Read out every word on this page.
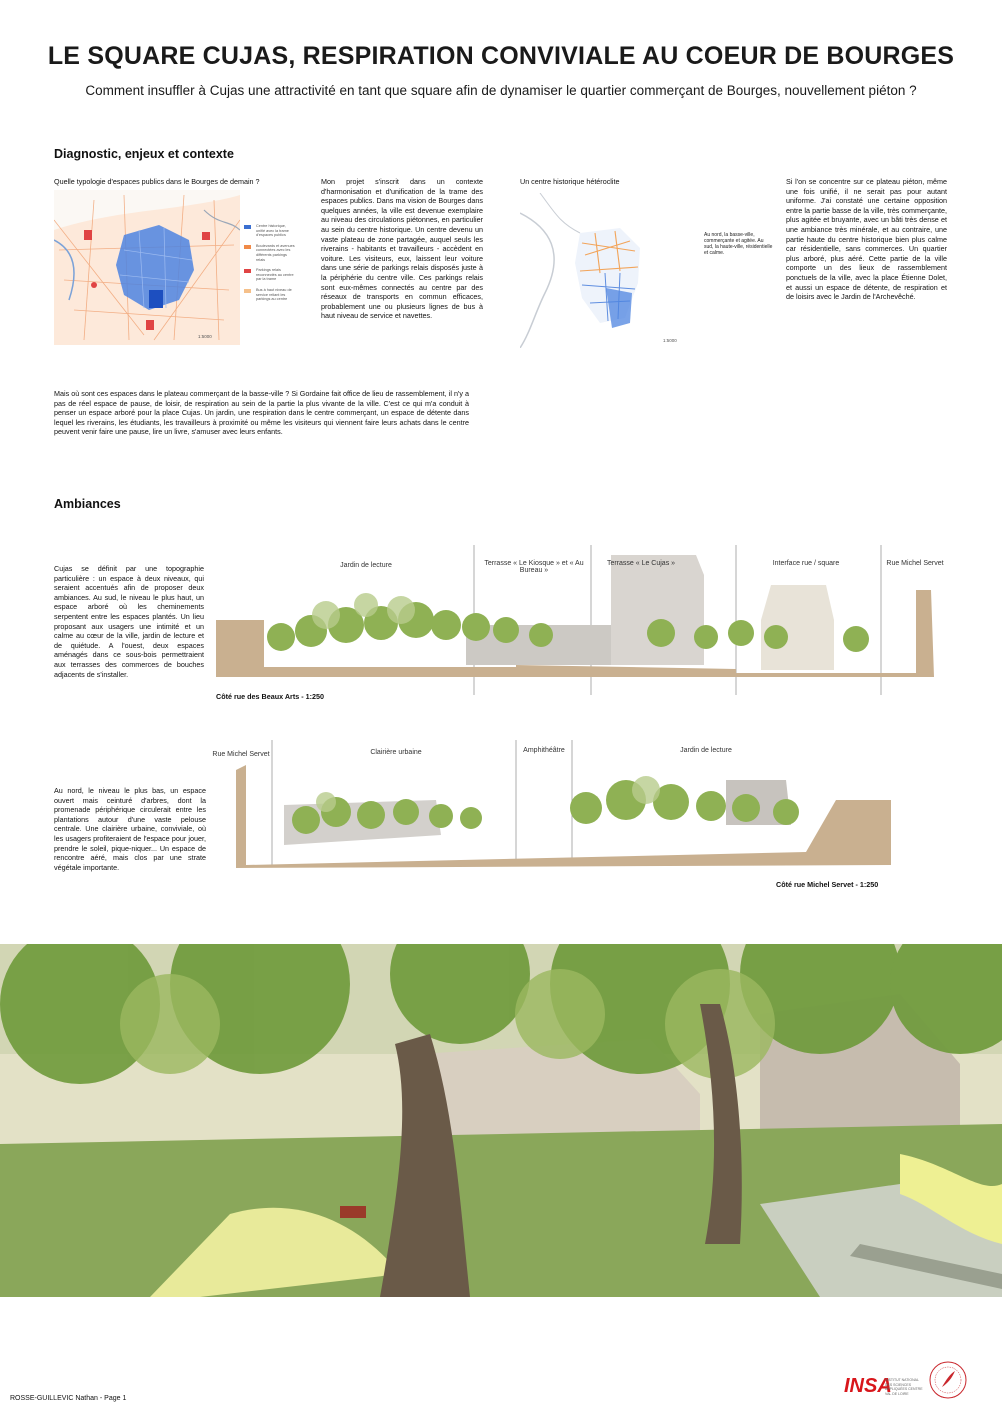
LE SQUARE CUJAS, RESPIRATION CONVIVIALE AU COEUR DE BOURGES
Comment insuffler à Cujas une attractivité en tant que square afin de dynamiser le quartier commerçant de Bourges, nouvellement piéton ?
Diagnostic, enjeux et contexte
Quelle typologie d'espaces publics dans le Bourges de demain ?
Centre historique, unifié avec la trame d'espaces publics
Boulevards et avenues connectées avec les différents parkings relais
Parkings relais reconnectés au centre par la trame
Bus à haut niveau de service reliant les parkings au centre
1:5000
Mon projet s'inscrit dans un contexte d'harmonisation et d'unification de la trame des espaces publics. Dans ma vision de Bourges dans quelques années, la ville est devenue exemplaire au niveau des circulations piétonnes, en particulier au sein du centre historique. Un centre devenu un vaste plateau de zone partagée, auquel seuls les riverains - habitants et travailleurs - accèdent en voiture. Les visiteurs, eux, laissent leur voiture dans une série de parkings relais disposés juste à la périphérie du centre ville. Ces parkings relais sont eux-mêmes connectés au centre par des réseaux de transports en commun efficaces, probablement une ou plusieurs lignes de bus à haut niveau de service et navettes.
Un centre historique hétéroclite
Au nord, la basse-ville, commerçante et agitée. Au sud, la haute-ville, résidentielle et calme.
1:5000
Si l'on se concentre sur ce plateau piéton, même une fois unifié, il ne serait pas pour autant uniforme. J'ai constaté une certaine opposition entre la partie basse de la ville, très commerçante, plus agitée et bruyante, avec un bâti très dense et une ambiance très minérale, et au contraire, une partie haute du centre historique bien plus calme car résidentielle, sans commerces. Un quartier plus arboré, plus aéré. Cette partie de la ville comporte un des lieux de rassemblement ponctuels de la ville, avec la place Étienne Dolet, et aussi un espace de détente, de respiration et de loisirs avec le Jardin de l'Archevêché.
Mais où sont ces espaces dans le plateau commerçant de la basse-ville ? Si Gordaine fait office de lieu de rassemblement, il n'y a pas de réel espace de pause, de loisir, de respiration au sein de la partie la plus vivante de la ville. C'est ce qui m'a conduit à penser un espace arboré pour la place Cujas. Un jardin, une respiration dans le centre commerçant, un espace de détente dans lequel les riverains, les étudiants, les travailleurs à proximité ou même les visiteurs qui viennent faire leurs achats dans le centre peuvent venir faire une pause, lire un livre, s'amuser avec leurs enfants.
Ambiances
Cujas se définit par une topographie particulière : un espace à deux niveaux, qui seraient accentués afin de proposer deux ambiances. Au sud, le niveau le plus haut, un espace arboré où les cheminements serpentent entre les espaces plantés. Un lieu proposant aux usagers une intimité et un calme au cœur de la ville, jardin de lecture et de quiétude. A l'ouest, deux espaces aménagés dans ce sous-bois permettraient aux terrasses des commerces de bouches adjacents de s'installer.
Jardin de lecture	Terrasse « Le Kiosque » et « Au Bureau »
Terrasse « Le Cujas »	Interface rue / square	Rue Michel Servet
Côté rue des Beaux Arts - 1:250
Rue Michel Servet	Clairière urbaine	Amphithéâtre	Jardin de lecture
Côté rue Michel Servet - 1:250
Au nord, le niveau le plus bas, un espace ouvert mais ceinturé d'arbres, dont la promenade périphérique circulerait entre les plantations autour d'une vaste pelouse centrale. Une clairière urbaine, conviviale, où les usagers profiteraient de l'espace pour jouer, prendre le soleil, pique-niquer... Un espace de rencontre aéré, mais clos par une strate végétale importante.
ROSSE-GUILLEVIC Nathan - Page 1
INSA
INSTITUT NATIONAL DES SCIENCES APPLIQUÉES CENTRE VAL DE LOIRE
